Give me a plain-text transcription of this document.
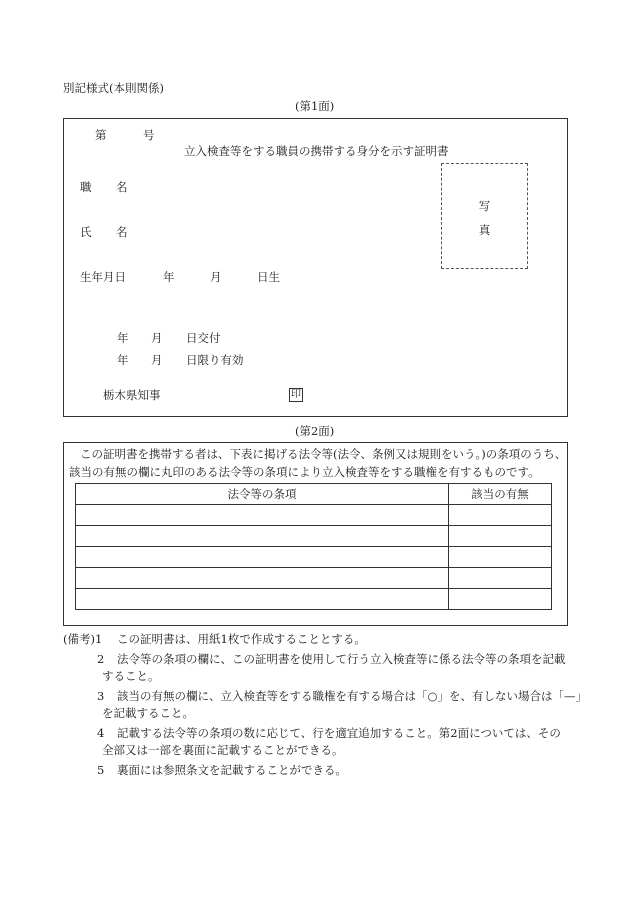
別記様式(本則関係)
(第1面)
第	号
立入検査等をする職員の携帯する身分を示す証明書
職 名
氏 名
生年月日	年	月	日生
写
真
年 月 日交付
年 月 日限り有効
栃木県知事	印
(第2面)
この証明書を携帯する者は、下表に掲げる法令等(法令、条例又は規則をいう。)の条項のうち、
該当の有無の欄に丸印のある法令等の条項により立入検査等をする職権を有するものです。
法令等の条項	該当の有無

(備考)1 この証明書は、用紙1枚で作成することとする。
2 法令等の条項の欄に、この証明書を使用して行う立入検査等に係る法令等の条項を記載
すること。
3 該当の有無の欄に、立入検査等をする職権を有する場合は「○」を、有しない場合は「—」
を記載すること。
4 記載する法令等の条項の数に応じて、行を適宜追加すること。第2面については、その
全部又は一部を裏面に記載することができる。
5 裏面には参照条文を記載することができる。
